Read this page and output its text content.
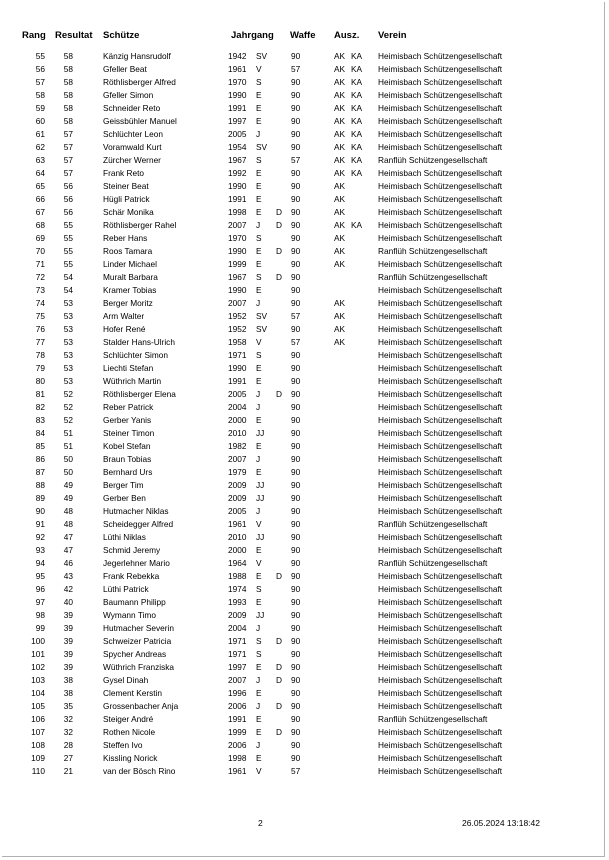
Rang Resultat Schütze	Jahrgang Waffe Ausz. Verein
55	58	Känzig Hansrudolf	1942	SV	90	AK KA	Heimisbach Schützengesellschaft
56	58	Gfeller Beat	1961	V	57	AK KA	Heimisbach Schützengesellschaft
57	58	Röthlisberger Alfred	1970	S	90	AK KA	Heimisbach Schützengesellschaft
58	58	Gfeller Simon	1990	E	90	AK KA	Heimisbach Schützengesellschaft
59	58	Schneider Reto	1991	E	90	AK KA	Heimisbach Schützengesellschaft
60	58	Geissbühler Manuel	1997	E	90	AK KA	Heimisbach Schützengesellschaft
61	57	Schlüchter Leon	2005	J	90	AK KA	Heimisbach Schützengesellschaft
62	57	Voramwald Kurt	1954	SV	90	AK KA	Heimisbach Schützengesellschaft
63	57	Zürcher Werner	1967	S	57	AK KA	Ranflüh Schützengesellschaft
64	57	Frank Reto	1992	E	90	AK KA	Heimisbach Schützengesellschaft
65	56	Steiner Beat	1990	E	90	AK	Heimisbach Schützengesellschaft
66	56	Hügli Patrick	1991	E	90	AK	Heimisbach Schützengesellschaft
67	56	Schär Monika	1998	E	D	90	AK	Heimisbach Schützengesellschaft
68	55	Röthlisberger Rahel	2007	J	D	90	AK KA	Heimisbach Schützengesellschaft
69	55	Reber Hans	1970	S	90	AK	Heimisbach Schützengesellschaft
70	55	Roos Tamara	1990	E	D	90	AK	Ranflüh Schützengesellschaft
71	55	Linder Michael	1999	E	90	AK	Heimisbach Schützengesellschaft
72	54	Muralt Barbara	1967	S	D	90	Ranflüh Schützengesellschaft
73	54	Kramer Tobias	1990	E	90	Heimisbach Schützengesellschaft
74	53	Berger Moritz	2007	J	90	AK	Heimisbach Schützengesellschaft
75	53	Arm Walter	1952	SV	57	AK	Heimisbach Schützengesellschaft
76	53	Hofer René	1952	SV	90	AK	Heimisbach Schützengesellschaft
77	53	Stalder Hans-Ulrich	1958	V	57	AK	Heimisbach Schützengesellschaft
78	53	Schlüchter Simon	1971	S	90	Heimisbach Schützengesellschaft
79	53	Liechti Stefan	1990	E	90	Heimisbach Schützengesellschaft
80	53	Wüthrich Martin	1991	E	90	Heimisbach Schützengesellschaft
81	52	Röthlisberger Elena	2005	J	D	90	Heimisbach Schützengesellschaft
82	52	Reber Patrick	2004	J	90	Heimisbach Schützengesellschaft
83	52	Gerber Yanis	2000	E	90	Heimisbach Schützengesellschaft
84	51	Steiner Timon	2010	JJ	90	Heimisbach Schützengesellschaft
85	51	Kobel Stefan	1982	E	90	Heimisbach Schützengesellschaft
86	50	Braun Tobias	2007	J	90	Heimisbach Schützengesellschaft
87	50	Bernhard Urs	1979	E	90	Heimisbach Schützengesellschaft
88	49	Berger Tim	2009	JJ	90	Heimisbach Schützengesellschaft
89	49	Gerber Ben	2009	JJ	90	Heimisbach Schützengesellschaft
90	48	Hutmacher Niklas	2005	J	90	Heimisbach Schützengesellschaft
91	48	Scheidegger Alfred	1961	V	90	Ranflüh Schützengesellschaft
92	47	Lüthi Niklas	2010	JJ	90	Heimisbach Schützengesellschaft
93	47	Schmid Jeremy	2000	E	90	Heimisbach Schützengesellschaft
94	46	Jegerlehner Mario	1964	V	90	Ranflüh Schützengesellschaft
95	43	Frank Rebekka	1988	E	D	90	Heimisbach Schützengesellschaft
96	42	Lüthi Patrick	1974	S	90	Heimisbach Schützengesellschaft
97	40	Baumann Philipp	1993	E	90	Heimisbach Schützengesellschaft
98	39	Wymann Timo	2009	JJ	90	Heimisbach Schützengesellschaft
99	39	Hutmacher Severin	2004	J	90	Heimisbach Schützengesellschaft
100	39	Schweizer Patricia	1971	S	D	90	Heimisbach Schützengesellschaft
101	39	Spycher Andreas	1971	S	90	Heimisbach Schützengesellschaft
102	39	Wüthrich Franziska	1997	E	D	90	Heimisbach Schützengesellschaft
103	38	Gysel Dinah	2007	J	D	90	Heimisbach Schützengesellschaft
104	38	Clement Kerstin	1996	E	90	Heimisbach Schützengesellschaft
105	35	Grossenbacher Anja	2006	J	D	90	Heimisbach Schützengesellschaft
106	32	Steiger André	1991	E	90	Ranflüh Schützengesellschaft
107	32	Rothen Nicole	1999	E	D	90	Heimisbach Schützengesellschaft
108	28	Steffen Ivo	2006	J	90	Heimisbach Schützengesellschaft
109	27	Kissling Norick	1998	E	90	Heimisbach Schützengesellschaft
110	21	van der Bösch Rino	1961	V	57	Heimisbach Schützengesellschaft
2	26.05.2024 13:18:42
